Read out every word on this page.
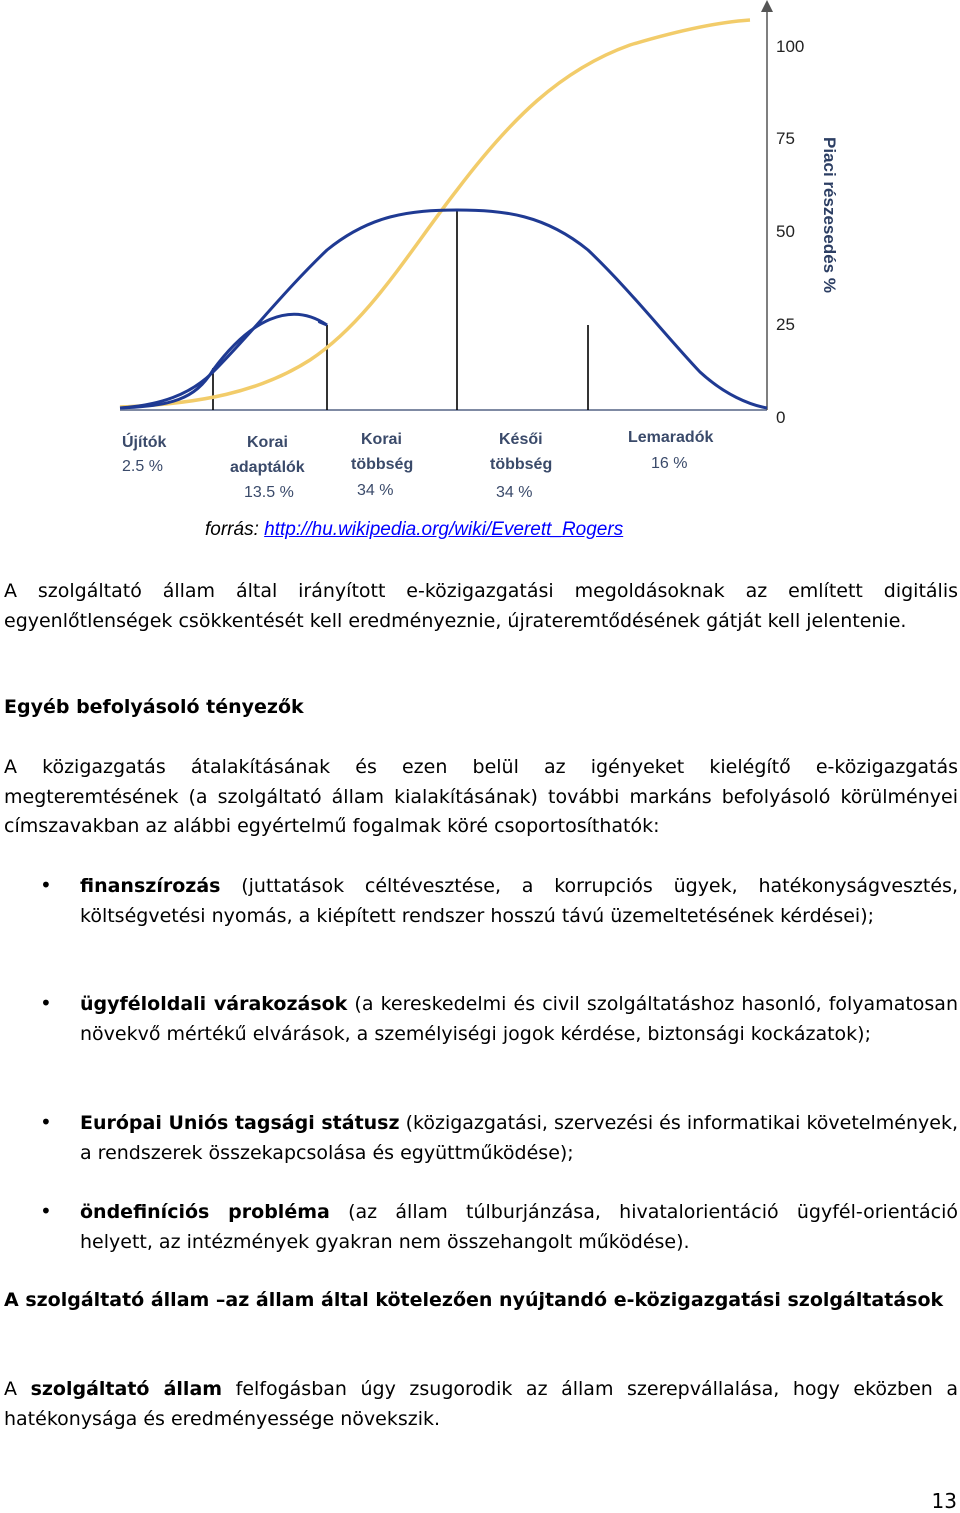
100
75
50
25
0
Piaci részesedés %
Újítók
2.5 %
Korai
adaptálók
13.5 %
Korai
többség
34 %
Késői
többség
34 %
Lemaradók
16 %
forrás: http://hu.wikipedia.org/wiki/Everett_Rogers

A szolgáltató állam által irányított e-közigazgatási megoldásoknak az említett digitális egyenlőtlenségek csökkentését kell eredményeznie, újrateremtődésének gátját kell jelentenie.

Egyéb befolyásoló tényezők

A közigazgatás átalakításának és ezen belül az igényeket kielégítő e-közigazgatás megteremtésének (a szolgáltató állam kialakításának) további markáns befolyásoló körülményei címszavakban az alábbi egyértelmű fogalmak köré csoportosíthatók:

• finanszírozás (juttatások céltévesztése, a korrupciós ügyek, hatékonyságvesztés, költségvetési nyomás, a kiépített rendszer hosszú távú üzemeltetésének kérdései);

• ügyféloldali várakozások (a kereskedelmi és civil szolgáltatáshoz hasonló, folyamatosan növekvő mértékű elvárások, a személyiségi jogok kérdése, biztonsági kockázatok);

• Európai Uniós tagsági státusz (közigazgatási, szervezési és informatikai követelmények, a rendszerek összekapcsolása és együttműködése);

• öndefiníciós probléma (az állam túlburjánzása, hivatalorientáció ügyfél-orientáció helyett, az intézmények gyakran nem összehangolt működése).

A szolgáltató állam –az állam által kötelezően nyújtandó e-közigazgatási szolgáltatások

A szolgáltató állam felfogásban úgy zsugorodik az állam szerepvállalása, hogy eközben a hatékonysága és eredményessége növekszik.

13
